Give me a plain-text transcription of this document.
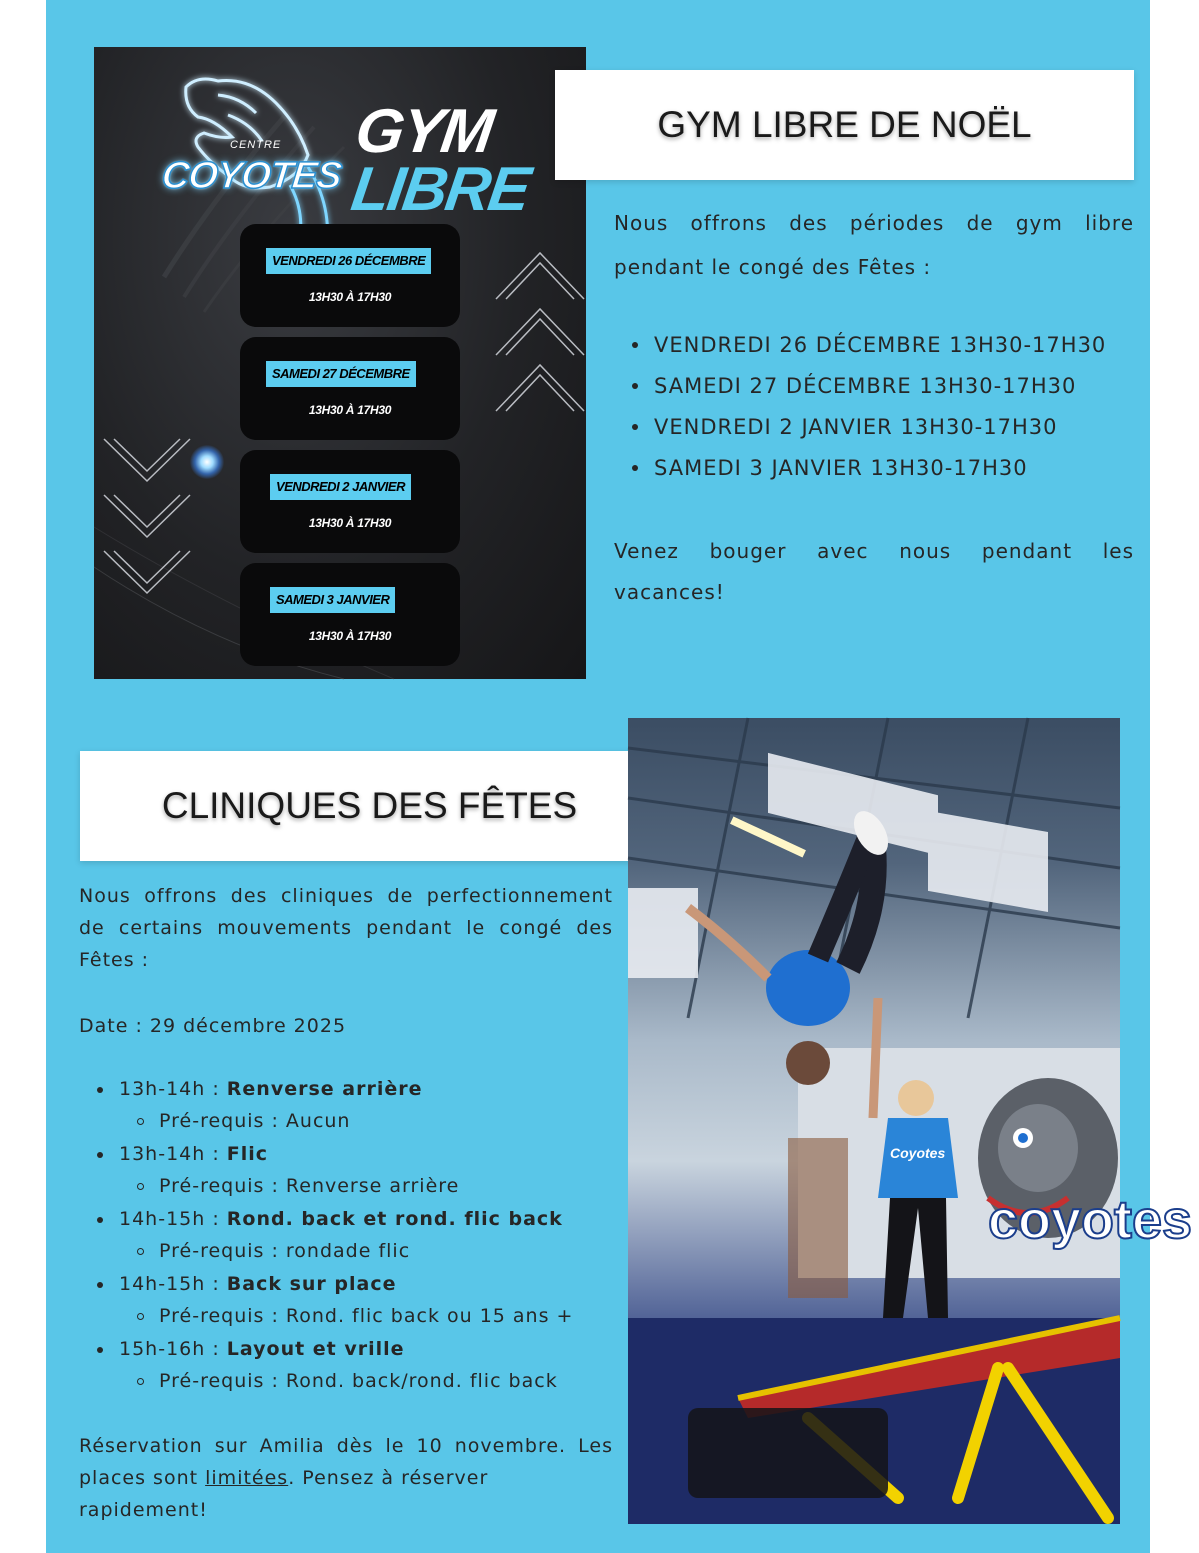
CENTRE
COYOTES
GYM
LIBRE
VENDREDI 26 DÉCEMBRE
13H30 À 17H30
SAMEDI 27 DÉCEMBRE
13H30 À 17H30
VENDREDI 2 JANVIER
13H30 À 17H30
SAMEDI 3 JANVIER
13H30 À 17H30
GYM LIBRE DE NOËL
Nous offrons des périodes de gym libre
pendant le congé des Fêtes :
VENDREDI 26 DÉCEMBRE 13H30-17H30
SAMEDI 27 DÉCEMBRE 13H30-17H30
VENDREDI 2 JANVIER 13H30-17H30
SAMEDI 3 JANVIER 13H30-17H30
Venez bouger avec nous pendant les
vacances!
CLINIQUES DES FÊTES
Nous offrons des cliniques de perfectionnement de certains mouvements pendant le congé des Fêtes :
Date : 29 décembre 2025
13h-14h : Renverse arrière
Pré-requis : Aucun
13h-14h : Flic
Pré-requis : Renverse arrière
14h-15h : Rond. back et rond. flic back
Pré-requis : rondade flic
14h-15h : Back sur place
Pré-requis : Rond. flic back ou 15 ans +
15h-16h : Layout et vrille
Pré-requis : Rond. back/rond. flic back
Réservation sur Amilia dès le 10 novembre. Les places sont limitées. Pensez à réserver
rapidement!
coyotes
Coyotes
